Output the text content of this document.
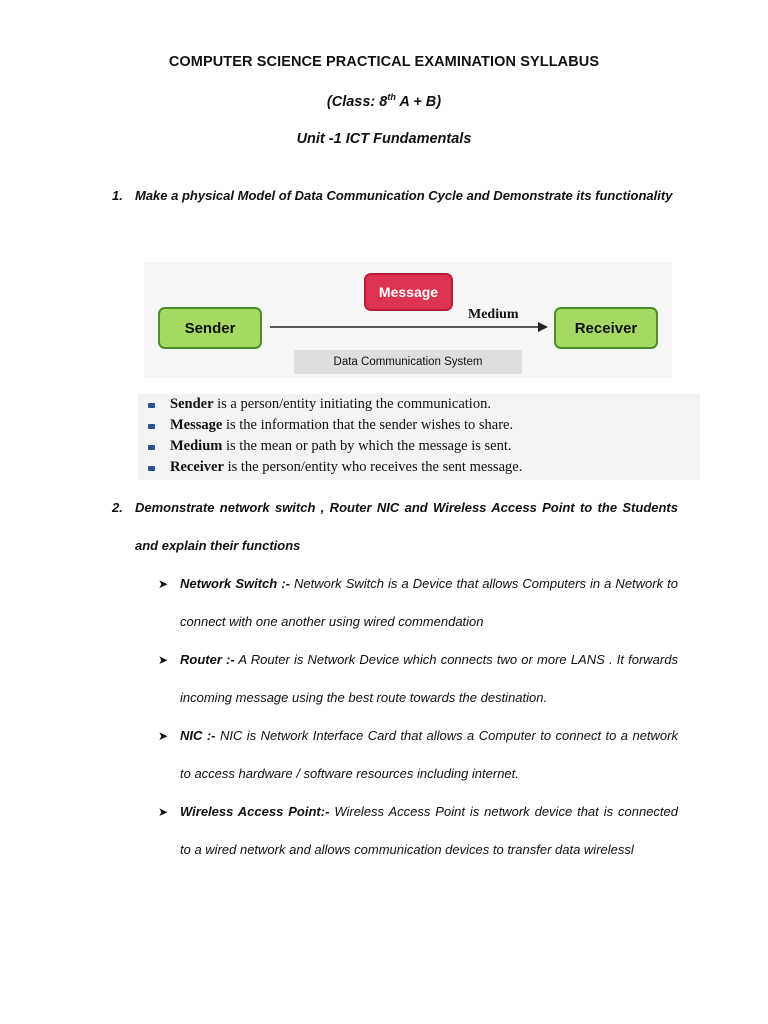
COMPUTER SCIENCE PRACTICAL EXAMINATION SYLLABUS
(Class: 8th A + B)
Unit -1 ICT Fundamentals
1. Make a physical Model of Data Communication Cycle and Demonstrate its functionality
Message
Sender
Medium
Receiver
Data Communication System
Sender is a person/entity initiating the communication.
Message is the information that the sender wishes to share.
Medium is the mean or path by which the message is sent.
Receiver is the person/entity who receives the sent message.
2. Demonstrate network switch , Router NIC and Wireless Access Point to the Students and explain their functions
➤ Network Switch :- Network Switch is a Device that allows Computers in a Network to connect with one another using wired commendation
➤ Router :- A Router is Network Device which connects two or more LANS . It forwards incoming message using the best route towards the destination.
➤ NIC :- NIC is Network Interface Card that allows a Computer to connect to a network to access hardware / software resources including internet.
➤ Wireless Access Point:- Wireless Access Point is network device that is connected to a wired network and allows communication devices to transfer data wirelessl
